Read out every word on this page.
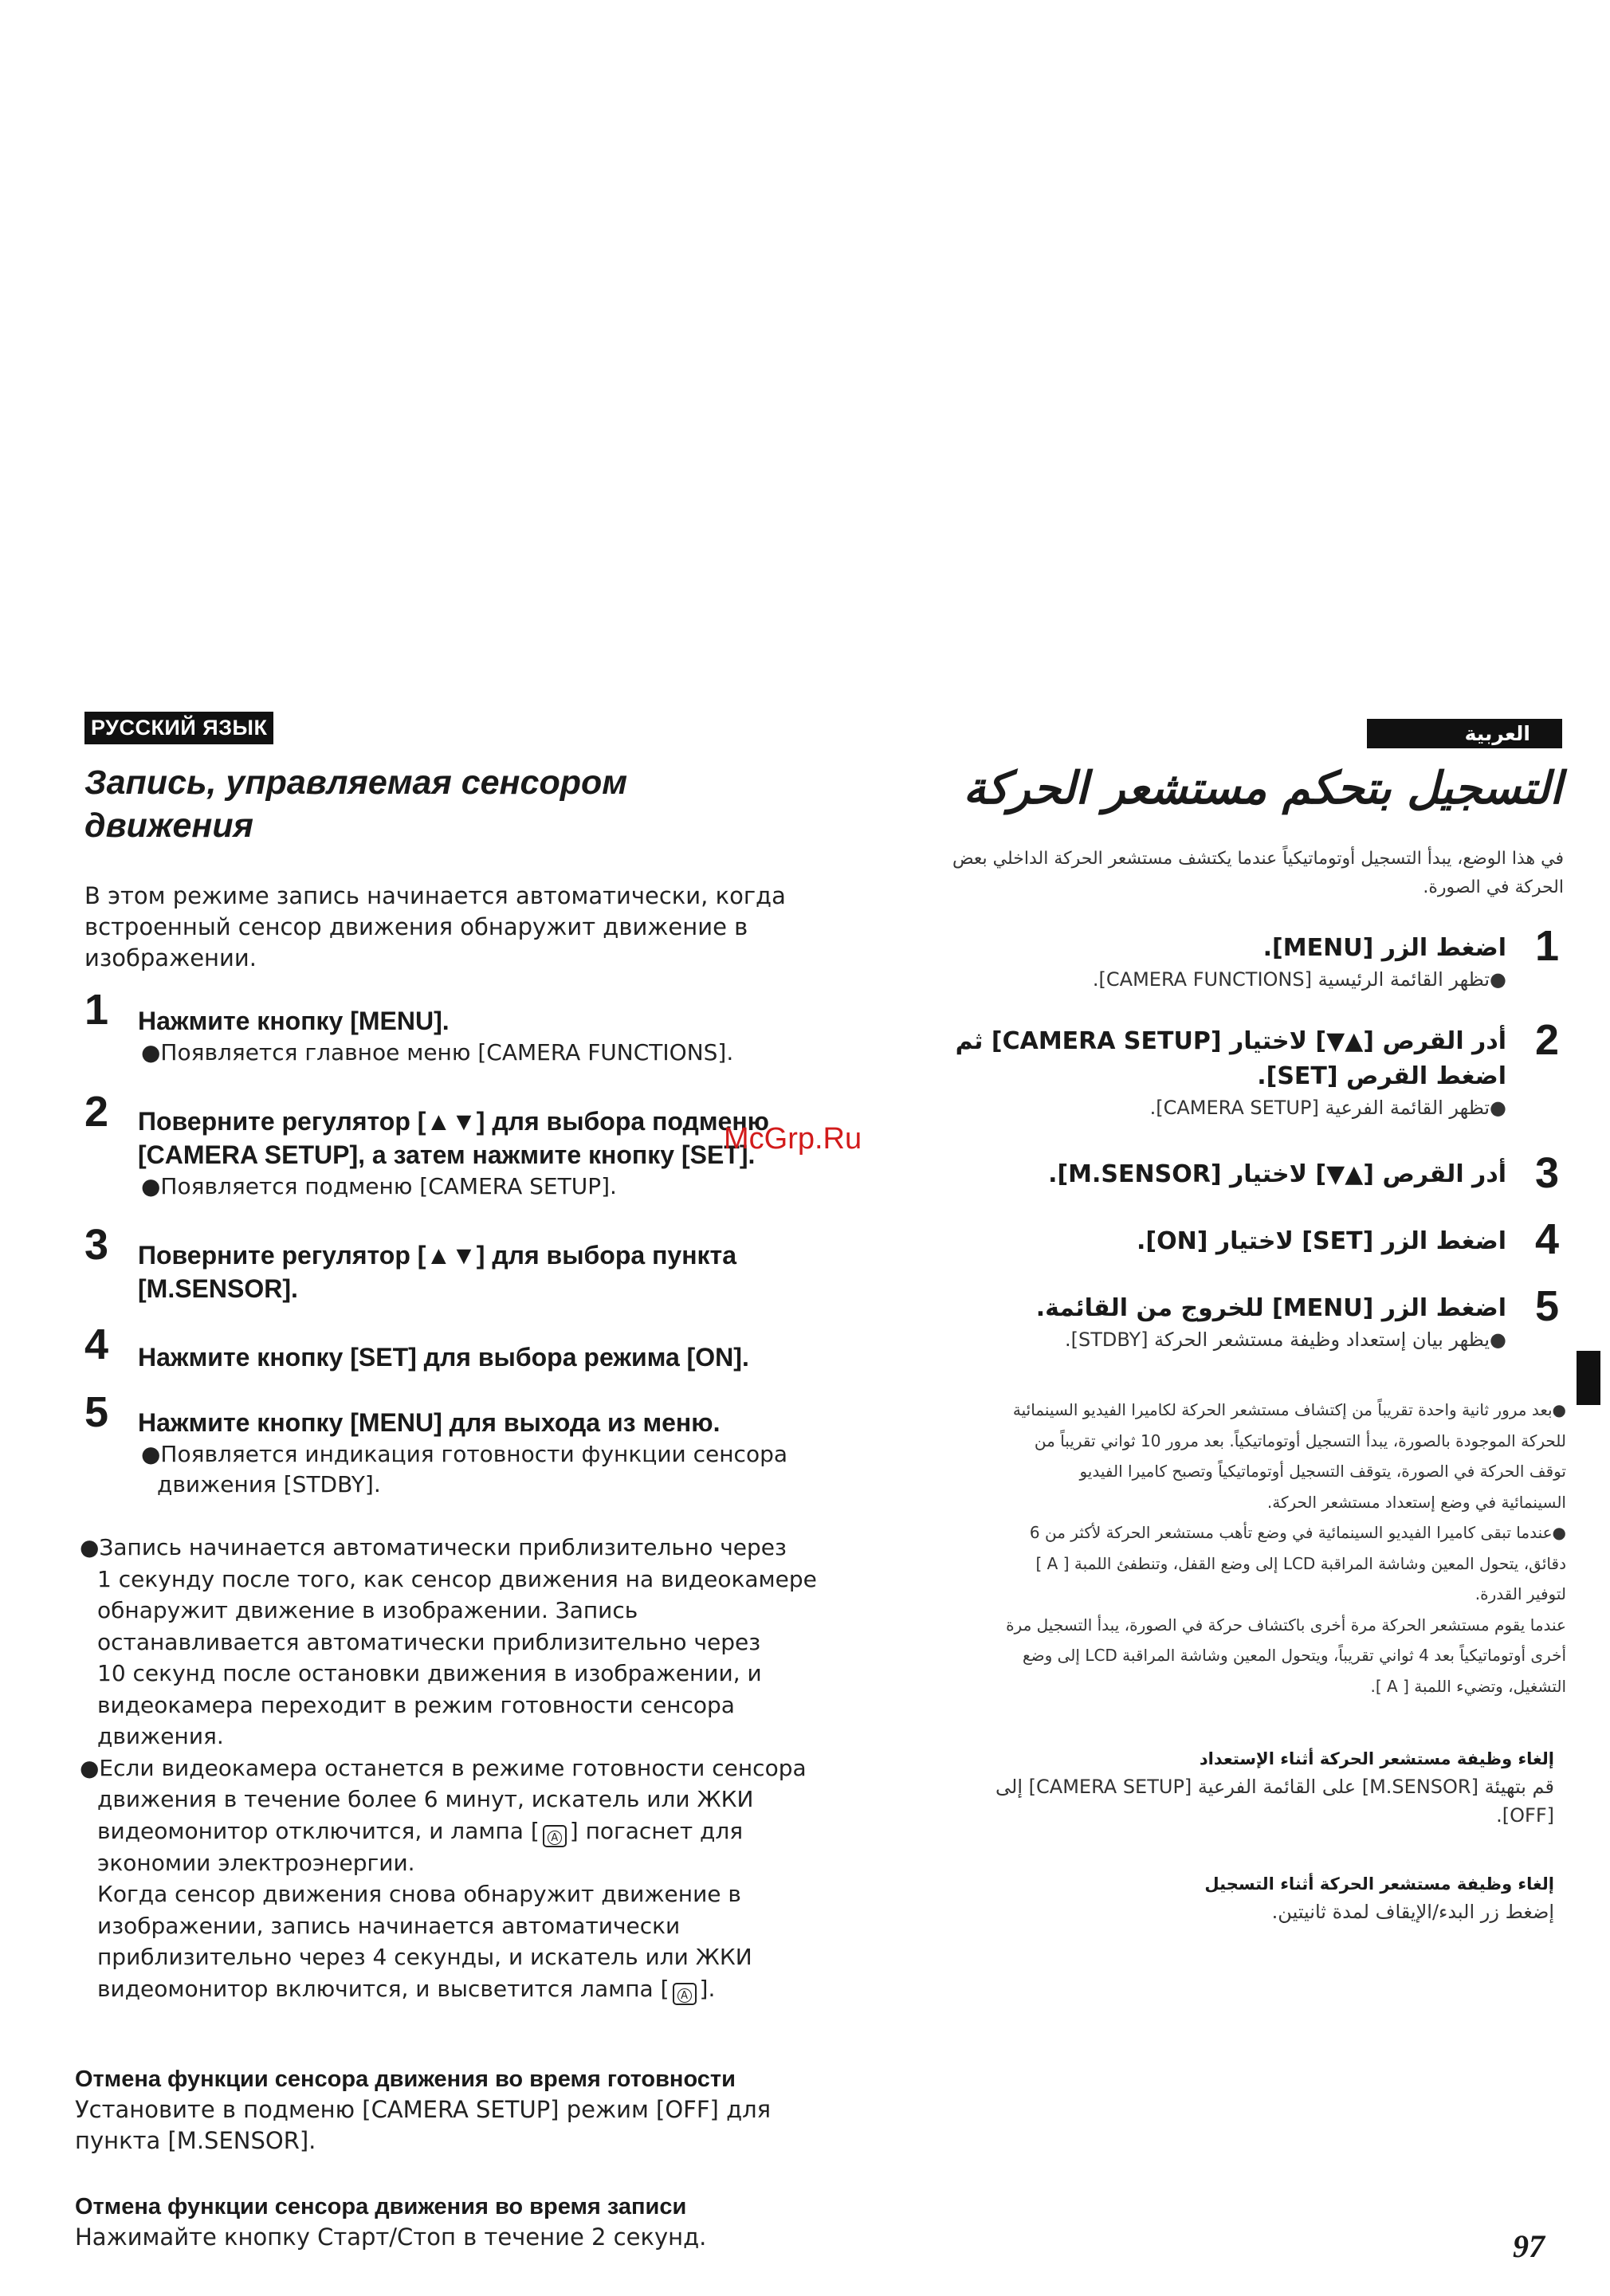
РУССКИЙ ЯЗЫК
Запись, управляемая сенсором
движения
В этом режиме запись начинается автоматически, когда
встроенный сенсор движения обнаружит движение в
изображении.
1 Нажмите кнопку [MENU].
●Появляется главное меню [CAMERA FUNCTIONS].
2 Поверните регулятор [▲▼] для выбора подменю
[CAMERA SETUP], а затем нажмите кнопку [SET].
●Появляется подменю [CAMERA SETUP].
3 Поверните регулятор [▲▼] для выбора пункта
[M.SENSOR].
4 Нажмите кнопку [SET] для выбора режима [ON].
5 Нажмите кнопку [MENU] для выхода из меню.
●Появляется индикация готовности функции сенсора
движения [STDBY].

●Запись начинается автоматически приблизительно через

1 секунду после того, как сенсор движения на видеокамере

обнаружит движение в изображении. Запись

останавливается автоматически приблизительно через

10 секунд после остановки движения в изображении, и

видеокамера переходит в режим готовности сенсора

движения.

●Если видеокамера останется в режиме готовности сенсора

движения в течение более 6 минут, искатель или ЖКИ

видеомонитор отключится, и лампа [ A ] погаснет для

экономии электроэнергии.

Когда сенсор движения снова обнаружит движение в

изображении, запись начинается автоматически

приблизительно через 4 секунды, и искатель или ЖКИ

видеомонитор включится, и высветится лампа [ A ].

Отмена функции сенсора движения во время готовности
Установите в подменю [CAMERA SETUP] режим [OFF] для
пункта [M.SENSOR].
Отмена функции сенсора движения во время записи
Нажимайте кнопку Старт/Стоп в течение 2 секунд.
العربية
التسجيل بتحكم مستشعر الحركة
في هذا الوضع، يبدأ التسجيل أوتوماتيكياً عندما يكتشف مستشعر الحركة الداخلي بعض
الحركة في الصورة.
1
اضغط الزر [MENU].
●تظهر القائمة الرئيسية [CAMERA FUNCTIONS].
2
أدر القرص [▲▼] لاختيار [CAMERA SETUP] ثم
اضغط القرص [SET].
●تظهر القائمة الفرعية [CAMERA SETUP].
3
أدر القرص [▲▼] لاختيار [M.SENSOR].
4
اضغط الزر [SET] لاختيار [ON].
5
اضغط الزر [MENU] للخروج من القائمة.
●يظهر بيان إستعداد وظيفة مستشعر الحركة [STDBY].

●بعد مرور ثانية واحدة تقريباً من إكتشاف مستشعر الحركة لكاميرا الفيديو السينمائية

للحركة الموجودة بالصورة، يبدأ التسجيل أوتوماتيكياً. بعد مرور 10 ثواني تقريباً من

توقف الحركة في الصورة، يتوقف التسجيل أوتوماتيكياً وتصبح كاميرا الفيديو

السينمائية في وضع إستعداد مستشعر الحركة.

●عندما تبقى كاميرا الفيديو السينمائية في وضع تأهب مستشعر الحركة لأكثر من 6

دقائق، يتحول المعين وشاشة المراقبة LCD إلى وضع القفل، وتنطفئ اللمبة [ A ]

لتوفير القدرة.

عندما يقوم مستشعر الحركة مرة أخرى باكتشاف حركة في الصورة، يبدأ التسجيل مرة

أخرى أوتوماتيكياً بعد 4 ثواني تقريباً، ويتحول المعين وشاشة المراقبة LCD إلى وضع

التشغيل، وتضيء اللمبة [ A ].

إلغاء وظيفة مستشعر الحركة أثناء الإستعداد
قم بتهيئة [M.SENSOR] على القائمة الفرعية [CAMERA SETUP] إلى
[OFF].
إلغاء وظيفة مستشعر الحركة أثناء التسجيل
إضغط زر البدء/الإيقاف لمدة ثانيتين.
McGrp.Ru
97
